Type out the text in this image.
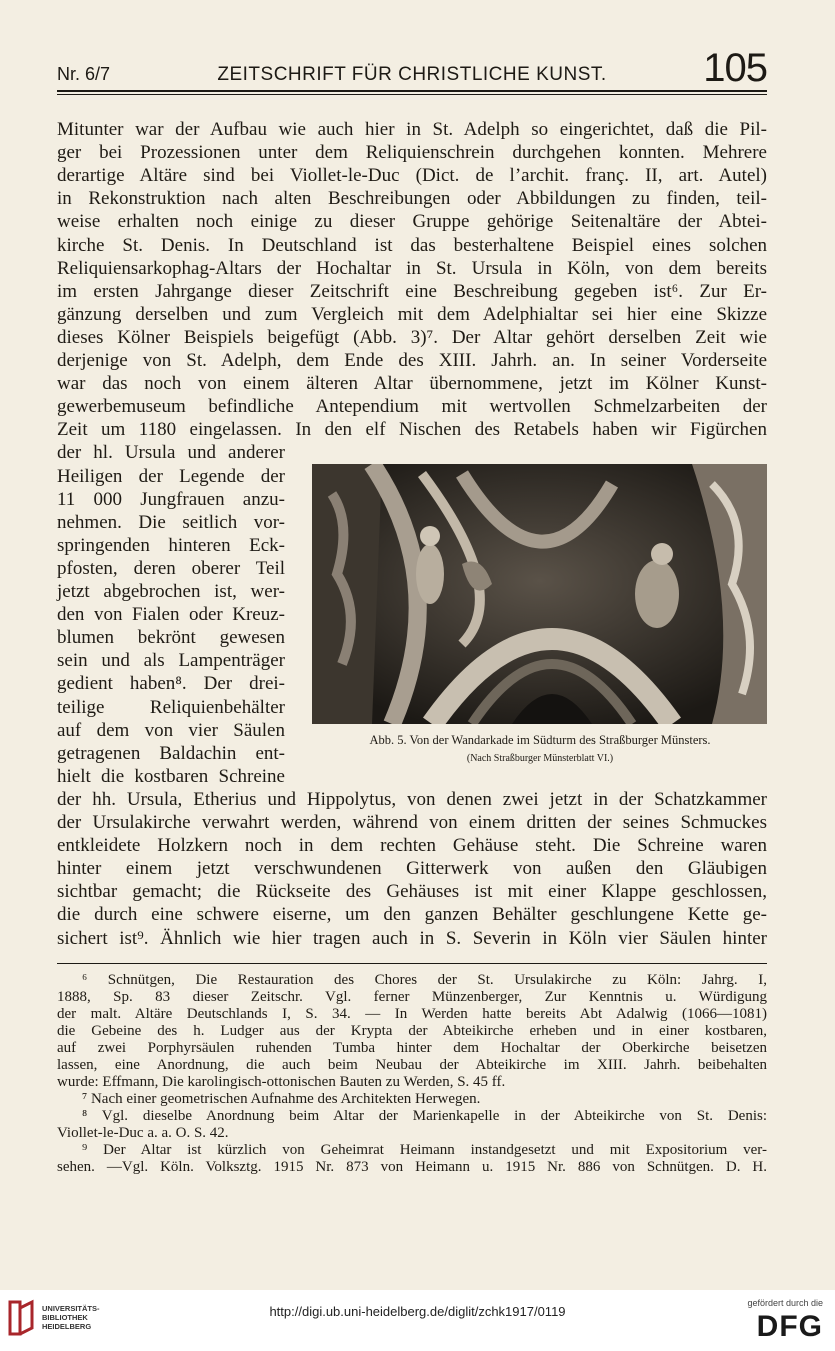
Nr. 6/7	ZEITSCHRIFT FÜR CHRISTLICHE KUNST.	105
Mitunter war der Aufbau wie auch hier in St. Adelph so eingerichtet, daß die Pil-
ger bei Prozessionen unter dem Reliquienschrein durchgehen konnten. Mehrere
derartige Altäre sind bei Viollet-le-Duc (Dict. de l’archit. franç. II, art. Autel)
in Rekonstruktion nach alten Beschreibungen oder Abbildungen zu finden, teil-
weise erhalten noch einige zu dieser Gruppe gehörige Seitenaltäre der Abtei-
kirche St. Denis. In Deutschland ist das besterhaltene Beispiel eines solchen
Reliquiensarkophag-Altars der Hochaltar in St. Ursula in Köln, von dem bereits
im ersten Jahrgange dieser Zeitschrift eine Beschreibung gegeben ist⁶. Zur Er-
gänzung derselben und zum Vergleich mit dem Adelphialtar sei hier eine Skizze
dieses Kölner Beispiels beigefügt (Abb. 3)⁷. Der Altar gehört derselben Zeit wie
derjenige von St. Adelph, dem Ende des XIII. Jahrh. an. In seiner Vorderseite
war das noch von einem älteren Altar übernommene, jetzt im Kölner Kunst-
gewerbemuseum befindliche Antependium mit wertvollen Schmelzarbeiten der
Zeit um 1180 eingelassen. In den elf Nischen des Retabels haben wir Figürchen
der hl. Ursula und anderer
Heiligen der Legende der
11 000 Jungfrauen anzu-
nehmen. Die seitlich vor-
springenden hinteren Eck-
pfosten, deren oberer Teil
jetzt abgebrochen ist, wer-
den von Fialen oder Kreuz-
blumen bekrönt gewesen
sein und als Lampenträger
gedient haben⁸. Der drei-
teilige Reliquienbehälter
auf dem von vier Säulen
getragenen Baldachin ent-
hielt die kostbaren Schreine
der hh. Ursula, Etherius und Hippolytus, von denen zwei jetzt in der Schatzkammer
der Ursulakirche verwahrt werden, während von einem dritten der seines Schmuckes
entkleidete Holzkern noch in dem rechten Gehäuse steht. Die Schreine waren
hinter einem jetzt verschwundenen Gitterwerk von außen den Gläubigen
sichtbar gemacht; die Rückseite des Gehäuses ist mit einer Klappe geschlossen,
die durch eine schwere eiserne, um den ganzen Behälter geschlungene Kette ge-
sichert ist⁹. Ähnlich wie hier tragen auch in S. Severin in Köln vier Säulen hinter
Abb. 5. Von der Wandarkade im Südturm des Straßburger Münsters.
(Nach Straßburger Münsterblatt VI.)
⁶ Schnütgen, Die Restauration des Chores der St. Ursulakirche zu Köln: Jahrg. I,
1888, Sp. 83 dieser Zeitschr. Vgl. ferner Münzenberger, Zur Kenntnis u. Würdigung
der malt. Altäre Deutschlands I, S. 34. — In Werden hatte bereits Abt Adalwig (1066—1081)
die Gebeine des h. Ludger aus der Krypta der Abteikirche erheben und in einer kostbaren,
auf zwei Porphyrsäulen ruhenden Tumba hinter dem Hochaltar der Oberkirche beisetzen
lassen, eine Anordnung, die auch beim Neubau der Abteikirche im XIII. Jahrh. beibehalten
wurde: Effmann, Die karolingisch-ottonischen Bauten zu Werden, S. 45 ff.
⁷ Nach einer geometrischen Aufnahme des Architekten Herwegen.
⁸ Vgl. dieselbe Anordnung beim Altar der Marienkapelle in der Abteikirche von St. Denis:
Viollet-le-Duc a. a. O. S. 42.
⁹ Der Altar ist kürzlich von Geheimrat Heimann instandgesetzt und mit Expositorium ver-
sehen. —Vgl. Köln. Volksztg. 1915 Nr. 873 von Heimann u. 1915 Nr. 886 von Schnütgen. D. H.
UNIVERSITÄTS-
BIBLIOTHEK
HEIDELBERG
http://digi.ub.uni-heidelberg.de/diglit/zchk1917/0119
gefördert durch die
DFG
